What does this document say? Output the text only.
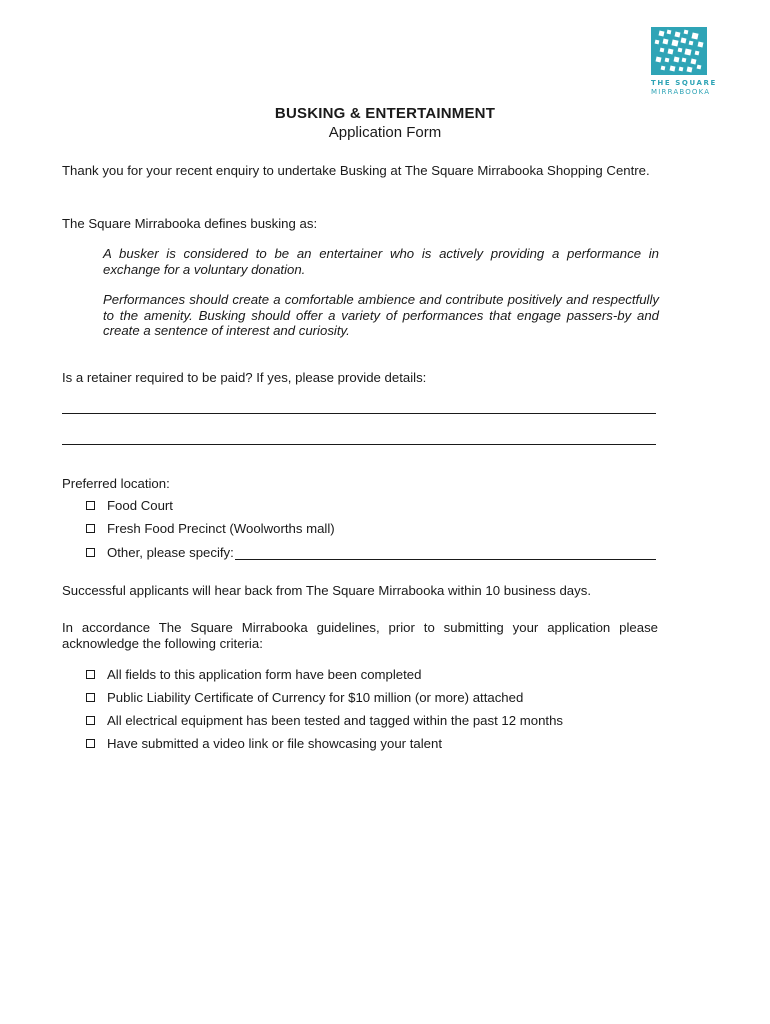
THE SQUARE
MIRRABOOKA
BUSKING & ENTERTAINMENT
Application Form
Thank you for your recent enquiry to undertake Busking at The Square Mirrabooka Shopping Centre.
The Square Mirrabooka defines busking as:
A busker is considered to be an entertainer who is actively providing a performance in exchange for a voluntary donation.
Performances should create a comfortable ambience and contribute positively and respectfully to the amenity. Busking should offer a variety of performances that engage passers-by and create a sentence of interest and curiosity.
Is a retainer required to be paid? If yes, please provide details:
Preferred location:
Food Court
Fresh Food Precinct (Woolworths mall)
Other, please specify:
Successful applicants will hear back from The Square Mirrabooka within 10 business days.
In accordance The Square Mirrabooka guidelines, prior to submitting your application please acknowledge the following criteria:
All fields to this application form have been completed
Public Liability Certificate of Currency for $10 million (or more) attached
All electrical equipment has been tested and tagged within the past 12 months
Have submitted a video link or file showcasing your talent
